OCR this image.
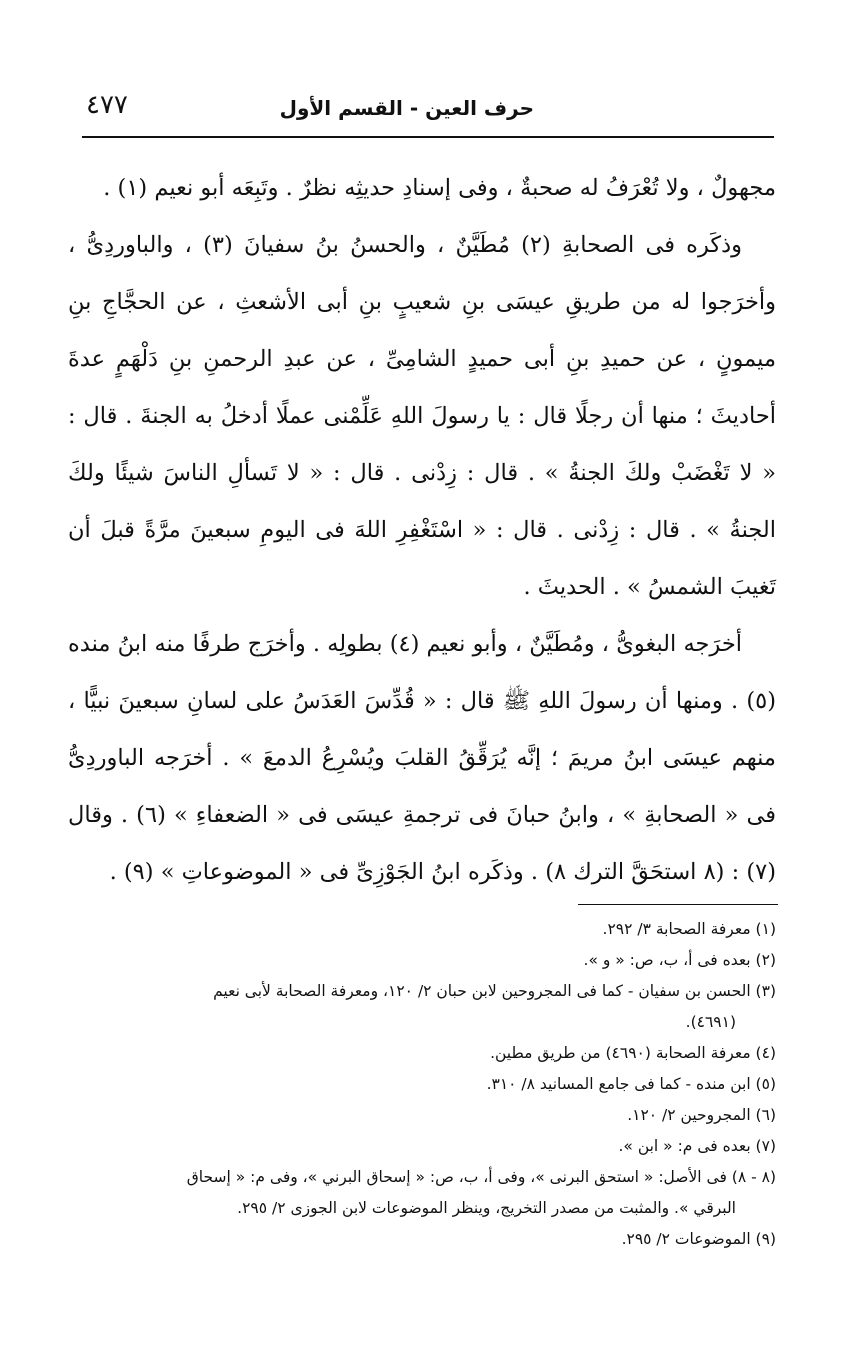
حرف العين - القسم الأول
٤٧٧

مجهولٌ ، ولا تُعْرَفُ له صحبةٌ ، وفى إسنادِ حديثِه نظرٌ . وتَبِعَه أبو نعيم (١) .

وذكَره فى الصحابةِ (٢) مُطَيَّنٌ ، والحسنُ بنُ سفيانَ (٣) ، والباوردِىُّ ، وأخرَجوا له من طريقِ عيسَى بنِ شعيبٍ بنِ أبى الأشعثِ ، عن الحجَّاجِ بنِ ميمونٍ ، عن حميدِ بنِ أبى حميدٍ الشامِىِّ ، عن عبدِ الرحمنِ بنِ دَلْهَمٍ عدةَ أحاديثَ ؛ منها أن رجلًا قال : يا رسولَ اللهِ عَلِّمْنى عملًا أدخلُ به الجنةَ . قال : « لا تَغْضَبْ ولكَ الجنةُ » . قال : زِدْنى . قال : « لا تَسألِ الناسَ شيئًا ولكَ الجنةُ » . قال : زِدْنى . قال : « اسْتَغْفِرِ اللهَ فى اليومِ سبعينَ مرَّةً قبلَ أن تَغيبَ الشمسُ » . الحديثَ .

أخرَجه البغوىُّ ، ومُطَيَّنٌ ، وأبو نعيم (٤) بطولِه . وأخرَج طرفًا منه ابنُ منده (٥) . ومنها أن رسولَ اللهِ ﷺ قال : « قُدِّسَ العَدَسُ على لسانِ سبعينَ نبيًّا ، منهم عيسَى ابنُ مريمَ ؛ إنَّه يُرَقِّقُ القلبَ ويُسْرِعُ الدمعَ » . أخرَجه الباوردِىُّ فى « الصحابةِ » ، وابنُ حبانَ فى ترجمةِ عيسَى فى « الضعفاءِ » (٦) . وقال (٧) : (٨ استحَقَّ الترك ٨) . وذكَره ابنُ الجَوْزِىِّ فى « الموضوعاتِ » (٩) .

(١) معرفة الصحابة ٣/ ٢٩٢.
(٢) بعده فى أ، ب، ص: « و ».
(٣) الحسن بن سفيان - كما فى المجروحين لابن حبان ٢/ ١٢٠، ومعرفة الصحابة لأبى نعيم
(٤٦٩١).
(٤) معرفة الصحابة (٤٦٩٠) من طريق مطين.
(٥) ابن منده - كما فى جامع المسانيد ٨/ ٣١٠.
(٦) المجروحين ٢/ ١٢٠.
(٧) بعده فى م: « ابن ».
(٨ - ٨) فى الأصل: « استحق البرنى »، وفى أ، ب، ص: « إسحاق البرني »، وفى م: « إسحاق
البرقي ». والمثبت من مصدر التخريج، وينظر الموضوعات لابن الجوزى ٢/ ٢٩٥.
(٩) الموضوعات ٢/ ٢٩٥.
